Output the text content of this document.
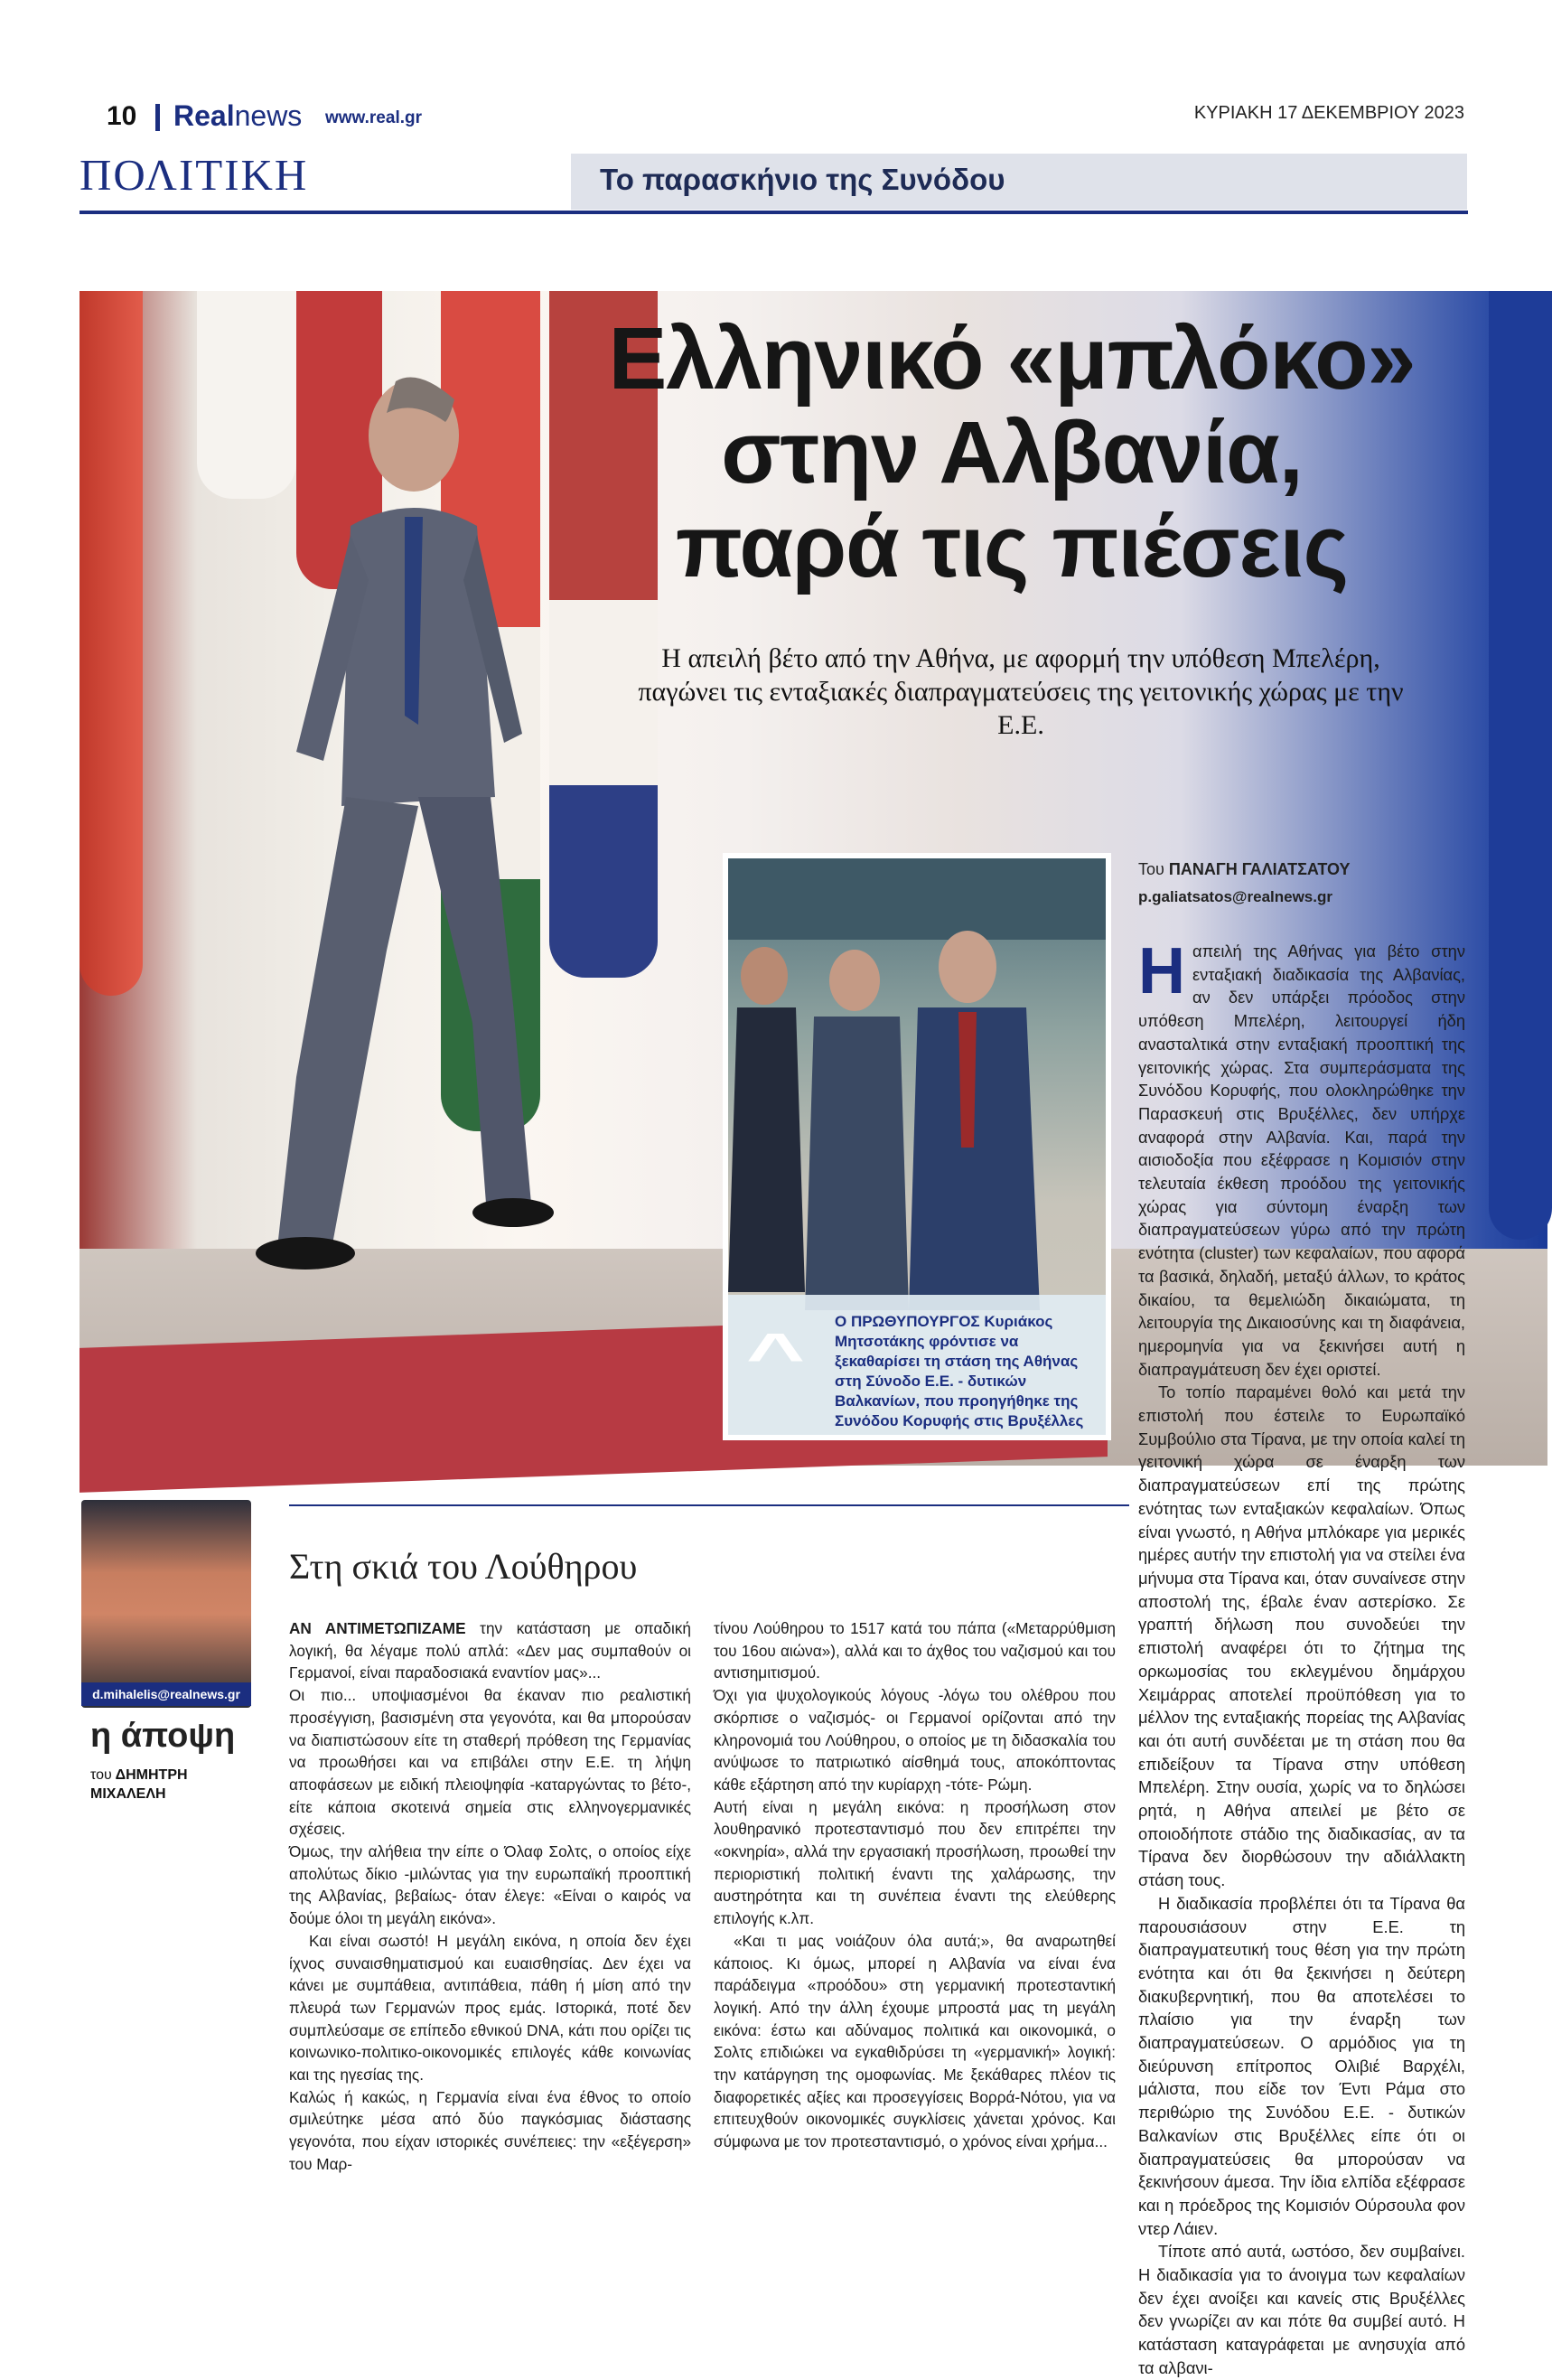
10 Realnews www.real.gr	ΚΥΡΙΑΚΗ 17 ΔΕΚΕΜΒΡΙΟΥ 2023
ΠΟΛΙΤΙΚΗ	Το παρασκήνιο της Συνόδου
Ελληνικό «μπλόκο»
στην Αλβανία,
παρά τις πιέσεις
Η απειλή βέτο από την Αθήνα, με αφορμή την υπόθεση Μπελέρη, παγώνει τις ενταξιακές διαπραγματεύσεις της γειτονικής χώρας με την Ε.Ε.
^ Ο ΠΡΩΘΥΠΟΥΡΓΟΣ Κυριάκος Μητσοτάκης φρόντισε να ξεκαθαρίσει τη στάση της Αθήνας στη Σύνοδο Ε.Ε. - δυτικών Βαλκανίων, που προηγήθηκε της Συνόδου Κορυφής στις Βρυξέλλες
Του ΠΑΝΑΓΗ ΓΑΛΙΑΤΣΑΤΟΥ
p.galiatsatos@realnews.gr

Ηαπειλή της Αθήνας για βέτο στην ενταξιακή διαδικασία της Αλβανίας, αν δεν υπάρξει πρόοδος στην υπόθεση Μπελέρη, λειτουργεί ήδη ανασταλτικά στην ενταξιακή προοπτική της γειτονικής χώρας. Στα συμπεράσματα της Συνόδου Κορυφής, που ολοκληρώθηκε την Παρασκευή στις Βρυξέλλες, δεν υπήρχε αναφορά στην Αλβανία. Και, παρά την αισιοδοξία που εξέφρασε η Κομισιόν στην τελευταία έκθεση προόδου της γειτονικής χώρας για σύντομη έναρξη των διαπραγματεύσεων γύρω από την πρώτη ενότητα (cluster) των κεφαλαίων, που αφορά τα βασικά, δηλαδή, μεταξύ άλλων, το κράτος δικαίου, τα θεμελιώδη δικαιώματα, τη λειτουργία της Δικαιοσύνης και τη διαφάνεια, ημερομηνία για να ξεκινήσει αυτή η διαπραγμάτευση δεν έχει οριστεί.

Το τοπίο παραμένει θολό και μετά την επιστολή που έστειλε το Ευρωπαϊκό Συμβούλιο στα Τίρανα, με την οποία καλεί τη γειτονική χώρα σε έναρξη των διαπραγματεύσεων επί της πρώτης ενότητας των ενταξιακών κεφαλαίων. Όπως είναι γνωστό, η Αθήνα μπλόκαρε για μερικές ημέρες αυτήν την επιστολή για να στείλει ένα μήνυμα στα Τίρανα και, όταν συναίνεσε στην αποστολή της, έβαλε έναν αστερίσκο. Σε γραπτή δήλωση που συνοδεύει την επιστολή αναφέρει ότι το ζήτημα της ορκωμοσίας του εκλεγμένου δημάρχου Χειμάρρας αποτελεί προϋπόθεση για το μέλλον της ενταξιακής πορείας της Αλβανίας και ότι αυτή συνδέεται με τη στάση που θα επιδείξουν τα Τίρανα στην υπόθεση Μπελέρη. Στην ουσία, χωρίς να το δηλώσει ρητά, η Αθήνα απειλεί με βέτο σε οποιοδήποτε στάδιο της διαδικασίας, αν τα Τίρανα δεν διορθώσουν την αδιάλλακτη στάση τους.

Η διαδικασία προβλέπει ότι τα Τίρανα θα παρουσιάσουν στην Ε.Ε. τη διαπραγματευτική τους θέση για την πρώτη ενότητα και ότι θα ξεκινήσει η δεύτερη διακυβερνητική, που θα αποτελέσει το πλαίσιο για την έναρξη των διαπραγματεύσεων. Ο αρμόδιος για τη διεύρυνση επίτροπος Ολιβιέ Βαρχέλι, μάλιστα, που είδε τον Έντι Ράμα στο περιθώριο της Συνόδου Ε.Ε. - δυτικών Βαλκανίων στις Βρυξέλλες είπε ότι οι διαπραγματεύσεις θα μπορούσαν να ξεκινήσουν άμεσα. Την ίδια ελπίδα εξέφρασε και η πρόεδρος της Κομισιόν Ούρσουλα φον ντερ Λάιεν.

Τίποτε από αυτά, ωστόσο, δεν συμβαίνει. Η διαδικασία για το άνοιγμα των κεφαλαίων δεν έχει ανοίξει και κανείς στις Βρυξέλλες δεν γνωρίζει αν και πότε θα συμβεί αυτό. Η κατάσταση καταγράφεται με ανησυχία από τα αλβανι-

d.mihalelis@realnews.gr
η άποψη
του ΔΗΜΗΤΡΗ
ΜΙΧΑΛΕΛΗ
Στη σκιά του Λούθηρου

ΑΝ ΑΝΤΙΜΕΤΩΠΙΖΑΜΕ την κατάσταση με οπαδική λογική, θα λέγαμε πολύ απλά: «Δεν μας συμπαθούν οι Γερμανοί, είναι παραδοσιακά εναντίον μας»...

Οι πιο... υποψιασμένοι θα έκαναν πιο ρεαλιστική προσέγγιση, βασισμένη στα γεγονότα, και θα μπορούσαν να διαπιστώσουν είτε τη σταθερή πρόθεση της Γερμανίας να προωθήσει και να επιβάλει στην Ε.Ε. τη λήψη αποφάσεων με ειδική πλειοψηφία -καταργώντας το βέτο-, είτε κάποια σκοτεινά σημεία στις ελληνογερμανικές σχέσεις.

Όμως, την αλήθεια την είπε ο Όλαφ Σολτς, ο οποίος είχε απολύτως δίκιο -μιλώντας για την ευρωπαϊκή προοπτική της Αλβανίας, βεβαίως- όταν έλεγε: «Είναι ο καιρός να δούμε όλοι τη μεγάλη εικόνα».

Και είναι σωστό! Η μεγάλη εικόνα, η οποία δεν έχει ίχνος συναισθηματισμού και ευαισθησίας. Δεν έχει να κάνει με συμπάθεια, αντιπάθεια, πάθη ή μίση από την πλευρά των Γερμανών προς εμάς. Ιστορικά, ποτέ δεν συμπλεύσαμε σε επίπεδο εθνικού DNA, κάτι που ορίζει τις κοινωνικο-πολιτικο-οικονομικές επιλογές κάθε κοινωνίας και της ηγεσίας της.

Καλώς ή κακώς, η Γερμανία είναι ένα έθνος το οποίο σμιλεύτηκε μέσα από δύο παγκόσμιας διάστασης γεγονότα, που είχαν ιστορικές συνέπειες: την «εξέγερση» του Μαρ-

τίνου Λούθηρου το 1517 κατά του πάπα («Μεταρρύθμιση του 16ου αιώνα»), αλλά και το άχθος του ναζισμού και του αντισημιτισμού.

Όχι για ψυχολογικούς λόγους -λόγω του ολέθρου που σκόρπισε ο ναζισμός- οι Γερμανοί ορίζονται από την κληρονομιά του Λούθηρου, ο οποίος με τη διδασκαλία του ανύψωσε το πατριωτικό αίσθημά τους, αποκόπτοντας κάθε εξάρτηση από την κυρίαρχη -τότε- Ρώμη.

Αυτή είναι η μεγάλη εικόνα: η προσήλωση στον λουθηρανικό προτεσταντισμό που δεν επιτρέπει την «οκνηρία», αλλά την εργασιακή προσήλωση, προωθεί την περιοριστική πολιτική έναντι της χαλάρωσης, την αυστηρότητα και τη συνέπεια έναντι της ελεύθερης επιλογής κ.λπ.

«Και τι μας νοιάζουν όλα αυτά;», θα αναρωτηθεί κάποιος. Κι όμως, μπορεί η Αλβανία να είναι ένα παράδειγμα «προόδου» στη γερμανική προτεσταντική λογική. Από την άλλη έχουμε μπροστά μας τη μεγάλη εικόνα: έστω και αδύναμος πολιτικά και οικονομικά, ο Σολτς επιδιώκει να εγκαθιδρύσει τη «γερμανική» λογική: την κατάργηση της ομοφωνίας. Με ξεκάθαρες πλέον τις διαφορετικές αξίες και προσεγγίσεις Βορρά-Νότου, για να επιτευχθούν οικονομικές συγκλίσεις χάνεται χρόνος. Και σύμφωνα με τον προτεσταντισμό, ο χρόνος είναι χρήμα...
